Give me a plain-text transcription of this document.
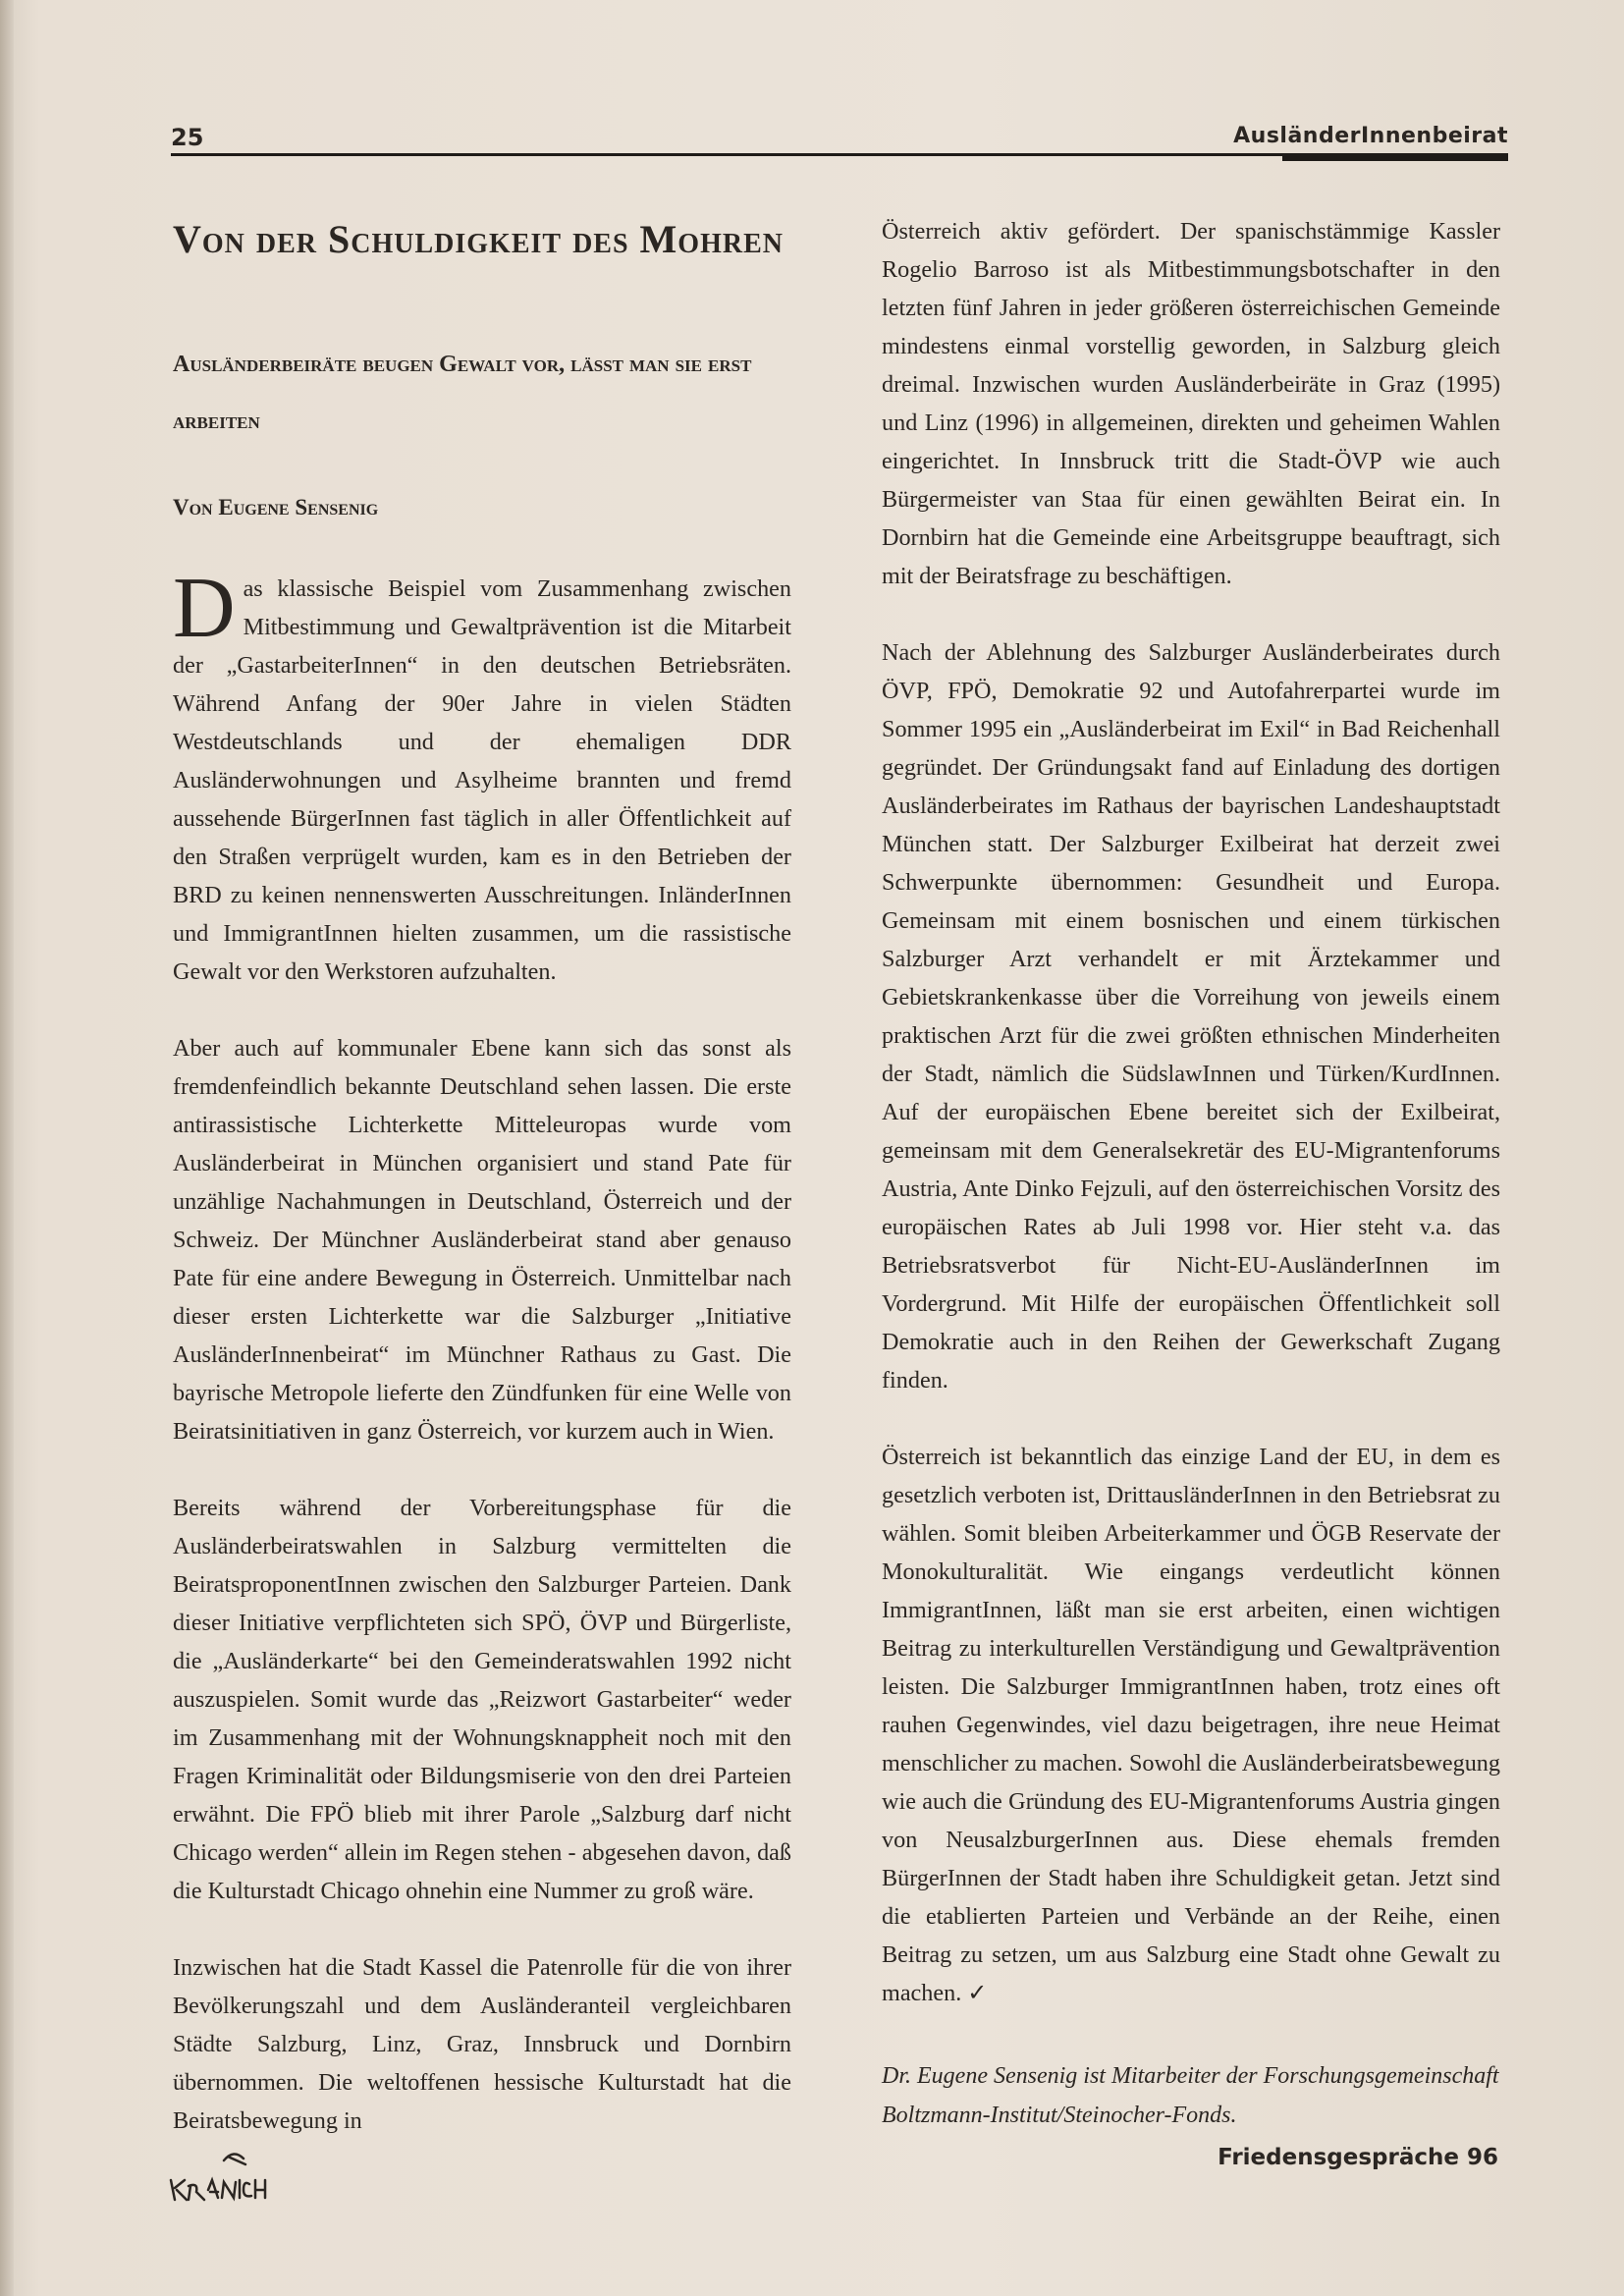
25	AusländerInnenbeirat
Von der Schuldigkeit des Mohren
Ausländerbeiräte beugen Gewalt vor, läßt man sie erst arbeiten
Von Eugene Sensenig

Das klassische Beispiel vom Zusammenhang zwischen Mitbestimmung und Gewaltprävention ist die Mitarbeit der „GastarbeiterInnen“ in den deutschen Betriebsräten. Während Anfang der 90er Jahre in vielen Städten Westdeutschlands und der ehemaligen DDR Ausländerwohnungen und Asylheime brannten und fremd aussehende BürgerInnen fast täglich in aller Öffentlichkeit auf den Straßen verprügelt wurden, kam es in den Betrieben der BRD zu keinen nennenswerten Ausschreitungen. InländerInnen und ImmigrantInnen hielten zusammen, um die rassistische Gewalt vor den Werkstoren aufzuhalten.

Aber auch auf kommunaler Ebene kann sich das sonst als fremdenfeindlich bekannte Deutschland sehen lassen. Die erste antirassistische Lichterkette Mitteleuropas wurde vom Ausländerbeirat in München organisiert und stand Pate für unzählige Nachahmungen in Deutschland, Österreich und der Schweiz. Der Münchner Ausländerbeirat stand aber genauso Pate für eine andere Bewegung in Österreich. Unmittelbar nach dieser ersten Lichterkette war die Salzburger „Initiative AusländerInnenbeirat“ im Münchner Rathaus zu Gast. Die bayrische Metropole lieferte den Zündfunken für eine Welle von Beiratsinitiativen in ganz Österreich, vor kurzem auch in Wien.

Bereits während der Vorbereitungsphase für die Ausländerbeiratswahlen in Salzburg vermittelten die BeiratsproponentInnen zwischen den Salzburger Parteien. Dank dieser Initiative verpflichteten sich SPÖ, ÖVP und Bürgerliste, die „Ausländerkarte“ bei den Gemeinderatswahlen 1992 nicht auszuspielen. Somit wurde das „Reizwort Gastarbeiter“ weder im Zusammenhang mit der Wohnungsknappheit noch mit den Fragen Kriminalität oder Bildungsmiserie von den drei Parteien erwähnt. Die FPÖ blieb mit ihrer Parole „Salzburg darf nicht Chicago werden“ allein im Regen stehen - abgesehen davon, daß die Kulturstadt Chicago ohnehin eine Nummer zu groß wäre.

Inzwischen hat die Stadt Kassel die Patenrolle für die von ihrer Bevölkerungszahl und dem Ausländeranteil vergleichbaren Städte Salzburg, Linz, Graz, Innsbruck und Dornbirn übernommen. Die weltoffenen hessische Kulturstadt hat die Beiratsbewegung in

Österreich aktiv gefördert. Der spanischstämmige Kassler Rogelio Barroso ist als Mitbestimmungsbotschafter in den letzten fünf Jahren in jeder größeren österreichischen Gemeinde mindestens einmal vorstellig geworden, in Salzburg gleich dreimal. Inzwischen wurden Ausländerbeiräte in Graz (1995) und Linz (1996) in allgemeinen, direkten und geheimen Wahlen eingerichtet. In Innsbruck tritt die Stadt-ÖVP wie auch Bürgermeister van Staa für einen gewählten Beirat ein. In Dornbirn hat die Gemeinde eine Arbeitsgruppe beauftragt, sich mit der Beiratsfrage zu beschäftigen.

Nach der Ablehnung des Salzburger Ausländerbeirates durch ÖVP, FPÖ, Demokratie 92 und Autofahrerpartei wurde im Sommer 1995 ein „Ausländerbeirat im Exil“ in Bad Reichenhall gegründet. Der Gründungsakt fand auf Einladung des dortigen Ausländerbeirates im Rathaus der bayrischen Landeshauptstadt München statt. Der Salzburger Exilbeirat hat derzeit zwei Schwerpunkte übernommen: Gesundheit und Europa. Gemeinsam mit einem bosnischen und einem türkischen Salzburger Arzt verhandelt er mit Ärztekammer und Gebietskrankenkasse über die Vorreihung von jeweils einem praktischen Arzt für die zwei größten ethnischen Minderheiten der Stadt, nämlich die SüdslawInnen und Türken/KurdInnen. Auf der europäischen Ebene bereitet sich der Exilbeirat, gemeinsam mit dem Generalsekretär des EU-Migrantenforums Austria, Ante Dinko Fejzuli, auf den österreichischen Vorsitz des europäischen Rates ab Juli 1998 vor. Hier steht v.a. das Betriebsratsverbot für Nicht-EU-AusländerInnen im Vordergrund. Mit Hilfe der europäischen Öffentlichkeit soll Demokratie auch in den Reihen der Gewerkschaft Zugang finden.

Österreich ist bekanntlich das einzige Land der EU, in dem es gesetzlich verboten ist, DrittausländerInnen in den Betriebsrat zu wählen. Somit bleiben Arbeiterkammer und ÖGB Reservate der Monokulturalität. Wie eingangs verdeutlicht können ImmigrantInnen, läßt man sie erst arbeiten, einen wichtigen Beitrag zu interkulturellen Verständigung und Gewaltprävention leisten. Die Salzburger ImmigrantInnen haben, trotz eines oft rauhen Gegenwindes, viel dazu beigetragen, ihre neue Heimat menschlicher zu machen. Sowohl die Ausländerbeiratsbewegung wie auch die Gründung des EU-Migrantenforums Austria gingen von NeusalzburgerInnen aus. Diese ehemals fremden BürgerInnen der Stadt haben ihre Schuldigkeit getan. Jetzt sind die etablierten Parteien und Verbände an der Reihe, einen Beitrag zu setzen, um aus Salzburg eine Stadt ohne Gewalt zu machen. ✓

Dr. Eugene Sensenig ist Mitarbeiter der Forschungsgemeinschaft Boltzmann-Institut/Steinocher-Fonds.
Friedensgespräche 96
